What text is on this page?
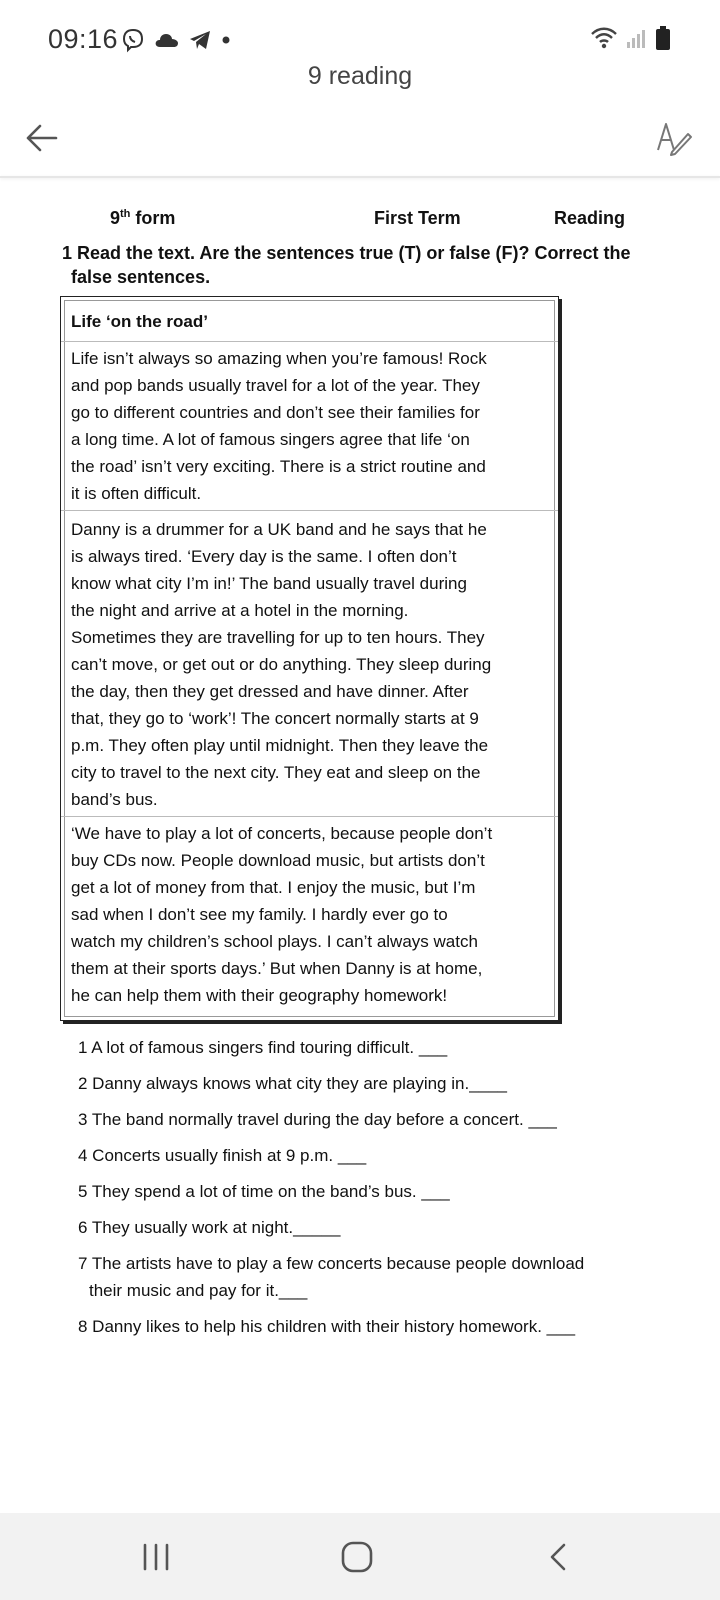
09:16
9 reading
9th form	First Term	Reading
1 Read the text. Are the sentences true (T) or false (F)? Correct the
false sentences.
Life ‘on the road’
Life isn’t always so amazing when you’re famous! Rock
and pop bands usually travel for a lot of the year. They
go to different countries and don’t see their families for
a long time. A lot of famous singers agree that life ‘on
the road’ isn’t very exciting. There is a strict routine and
it is often difficult.
Danny is a drummer for a UK band and he says that he
is always tired. ‘Every day is the same. I often don’t
know what city I’m in!’ The band usually travel during
the night and arrive at a hotel in the morning.
Sometimes they are travelling for up to ten hours. They
can’t move, or get out or do anything. They sleep during
the day, then they get dressed and have dinner. After
that, they go to ‘work’! The concert normally starts at 9
p.m. They often play until midnight. Then they leave the
city to travel to the next city. They eat and sleep on the
band’s bus.
‘We have to play a lot of concerts, because people don’t
buy CDs now. People download music, but artists don’t
get a lot of money from that. I enjoy the music, but I’m
sad when I don’t see my family. I hardly ever go to
watch my children’s school plays. I can’t always watch
them at their sports days.’ But when Danny is at home,
he can help them with their geography homework!
1 A lot of famous singers find touring difficult. ___
2 Danny always knows what city they are playing in.____
3 The band normally travel during the day before a concert. ___
4 Concerts usually finish at 9 p.m. ___
5 They spend a lot of time on the band’s bus. ___
6 They usually work at night._____
7 The artists have to play a few concerts because people download
their music and pay for it.___
8 Danny likes to help his children with their history homework. ___
